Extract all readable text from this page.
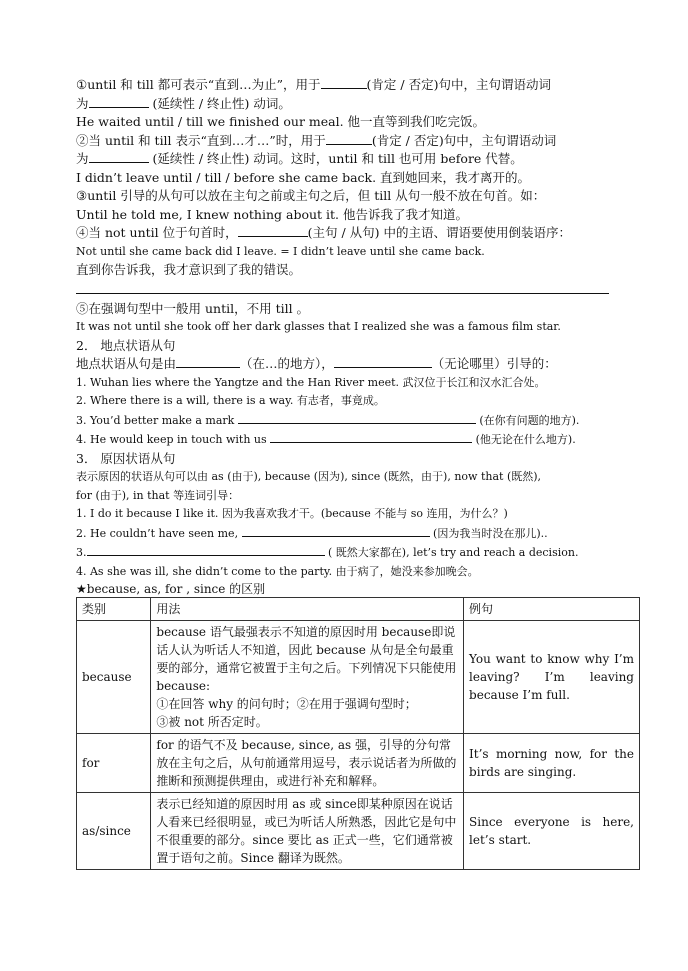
①until 和 till 都可表示“直到…为止”，用于	(肯定 / 否定)句中，主句谓语动词
为	(延续性 / 终止性) 动词。
He waited until / till we finished our meal. 他一直等到我们吃完饭。
②当 until 和 till 表示“直到…才…”时，用于	(肯定 / 否定)句中，主句谓语动词
为	(延续性 / 终止性) 动词。这时，until 和 till 也可用 before 代替。
I didn’t leave until / till / before she came back. 直到她回来，我才离开的。
③until 引导的从句可以放在主句之前或主句之后，但 till 从句一般不放在句首。如：
Until he told me, I knew nothing about it. 他告诉我了我才知道。
④当 not until 位于句首时，	(主句 / 从句) 中的主语、谓语要使用倒装语序：
Not until she came back did I leave. = I didn’t leave until she came back.
直到你告诉我，我才意识到了我的错误。
⑤在强调句型中一般用 until，不用 till 。
It was not until she took off her dark glasses that I realized she was a famous film star.
2． 地点状语从句
地点状语从句是由	（在…的地方），	（无论哪里）引导的：
1. Wuhan lies where the Yangtze and the Han River meet. 武汉位于长江和汉水汇合处。
2. Where there is a will, there is a way. 有志者，事竟成。
3. You’d better make a mark	(在你有问题的地方).
4. He would keep in touch with us	(他无论在什么地方).
3． 原因状语从句
表示原因的状语从句可以由 as (由于), because (因为), since (既然，由于), now that (既然),
for (由于), in that 等连词引导：
1. I do it because I like it. 因为我喜欢我才干。(because 不能与 so 连用，为什么？)
2. He couldn’t have seen me,	(因为我当时没在那儿)..
3.	( 既然大家都在), let’s try and reach a decision.
4. As she was ill, she didn’t come to the party. 由于病了，她没来参加晚会。
★because, as, for , since 的区别
类别	用法	例句
because	because 语气最强表示不知道的原因时用 because即说话人认为听话人不知道，因此 because 从句是全句最重要的部分，通常它被置于主句之后。下列情况下只能使用 because:
①在回答 why 的问句时；②在用于强调句型时；
③被 not 所否定时。	You want to know why I’m leaving? I’m leaving because I’m full.
for	for 的语气不及 because, since, as 强，引导的分句常放在主句之后，从句前通常用逗号，表示说话者为所做的推断和预测提供理由，或进行补充和解释。	It’s morning now, for the birds are singing.
as/since	表示已经知道的原因时用 as 或 since即某种原因在说话人看来已经很明显，或已为听话人所熟悉，因此它是句中不很重要的部分。since 要比 as 正式一些，它们通常被置于语句之前。Since 翻译为既然。	Since everyone is here, let’s start.
